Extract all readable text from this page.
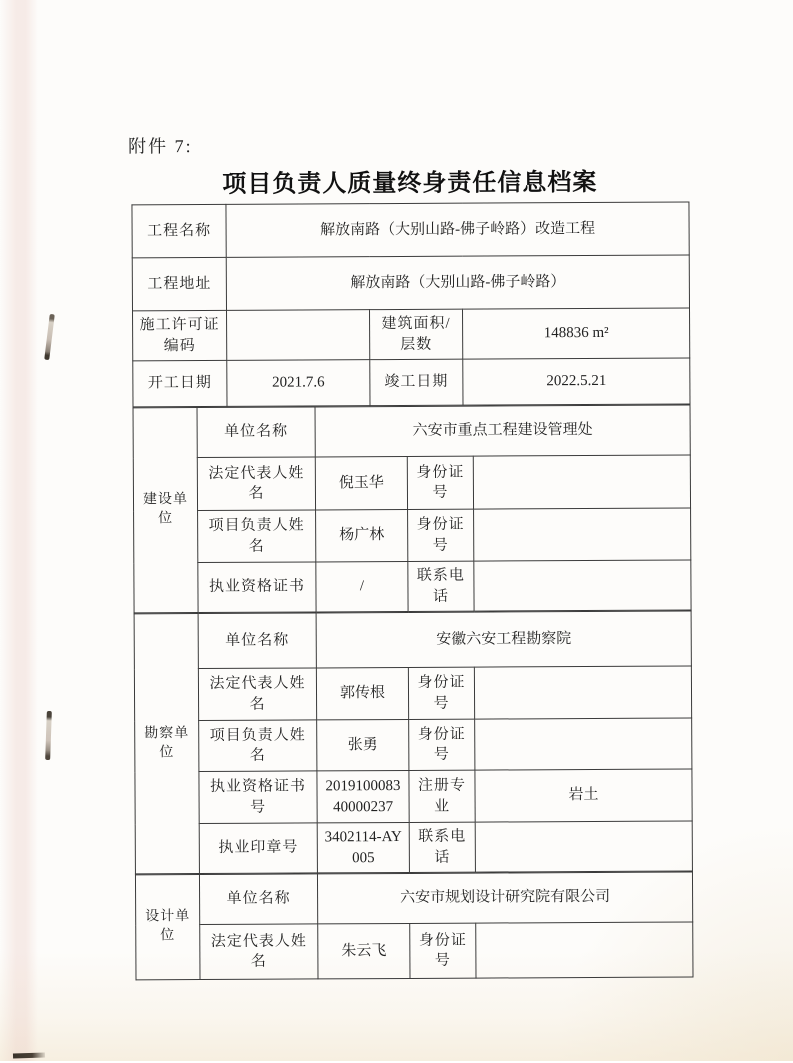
附件 7:
项目负责人质量终身责任信息档案
工程名称	解放南路（大别山路-佛子岭路）改造工程		
工程地址	解放南路（大别山路-佛子岭路）		
施工许可证编码		建筑面积/层数	148836 m²
开工日期	2021.7.6	竣工日期	2022.5.21
建设单位	单位名称	六安市重点工程建设管理处		
	法定代表人姓名	倪玉华	身份证号	
	项目负责人姓名	杨广林	身份证号	
	执业资格证书	/	联系电话	
勘察单位	单位名称	安徽六安工程勘察院		
	法定代表人姓名	郭传根	身份证号	
	项目负责人姓名	张勇	身份证号	
	执业资格证书号	201910008340000237	注册专业	岩土
	执业印章号	3402114-AY005	联系电话	
设计单位	单位名称	六安市规划设计研究院有限公司		
	法定代表人姓名	朱云飞	身份证号	
